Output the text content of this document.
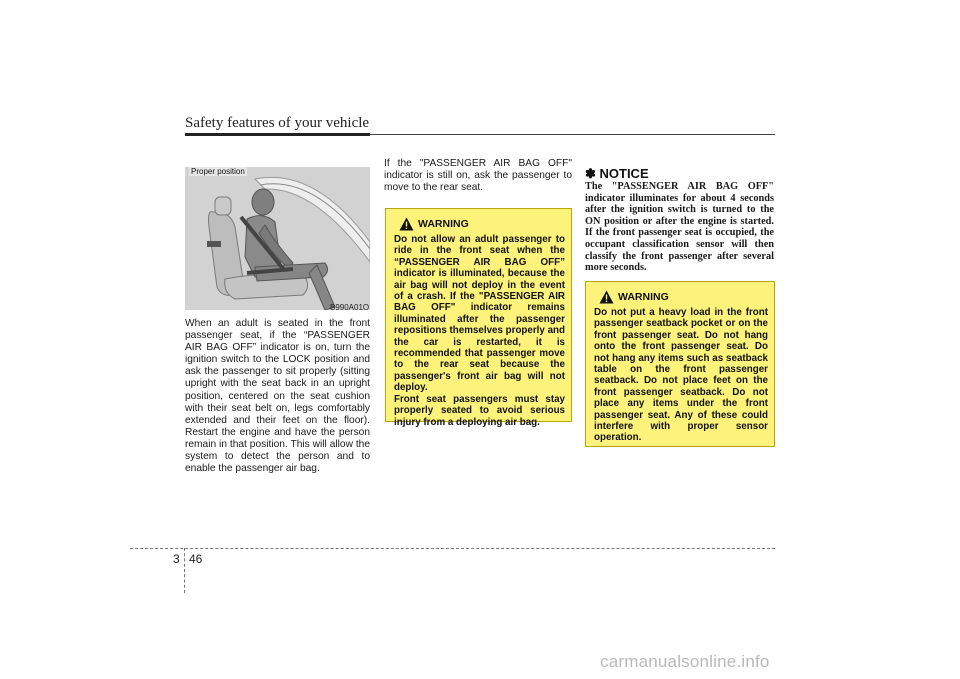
Safety features of your vehicle
Proper position
B990A01O
When an adult is seated in the front passenger seat, if the “PASSENGER AIR BAG OFF” indicator is on, turn the ignition switch to the LOCK position and ask the passenger to sit properly (sitting upright with the seat back in an upright position, centered on the seat cushion with their seat belt on, legs comfortably extended and their feet on the floor). Restart the engine and have the person remain in that position. This will allow the system to detect the person and to enable the passenger air bag.
If the "PASSENGER AIR BAG OFF" indicator is still on, ask the passenger to move to the rear seat.
WARNING

Do not allow an adult passenger to ride in the front seat when the “PASSENGER AIR BAG OFF” indicator is illuminated, because the air bag will not deploy in the event of a crash. If the "PASSENGER AIR BAG OFF" indicator remains illuminated after the passenger repositions themselves properly and the car is restarted, it is recommended that passenger move to the rear seat because the passenger's front air bag will not deploy.

Front seat passengers must stay properly seated to avoid serious injury from a deploying air bag.

✽ NOTICE
The "PASSENGER AIR BAG OFF" indicator illuminates for about 4 seconds after the ignition switch is turned to the ON position or after the engine is started. If the front passenger seat is occupied, the occupant classification sensor will then classify the front passenger after several more seconds.
WARNING
Do not put a heavy load in the front passenger seatback pocket or on the front passenger seat. Do not hang onto the front passenger seat. Do not hang any items such as seatback table on the front passenger seatback. Do not place feet on the front passenger seatback. Do not place any items under the front passenger seat. Any of these could interfere with proper sensor operation.
3 46
carmanualsonline.info
